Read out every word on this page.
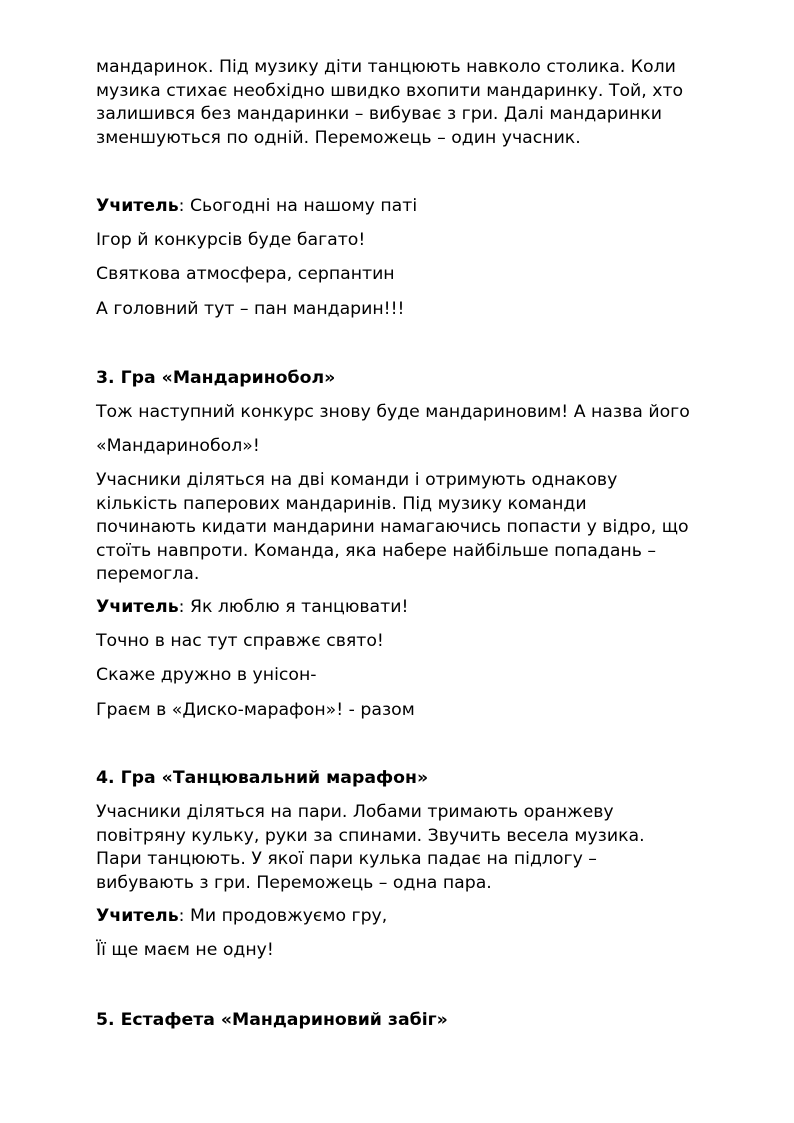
мандаринок. Під музику діти танцюють навколо столика. Коли
музика стихає необхідно швидко вхопити мандаринку. Той, хто
залишився без мандаринки – вибуває з гри. Далі мандаринки
зменшуються по одній. Переможець – один учасник.

Учитель: Сьогодні на нашому паті

Ігор й конкурсів буде багато!

Святкова атмосфера, серпантин

А головний тут – пан мандарин!!!

3. Гра «Мандаринобол»

Тож наступний конкурс знову буде мандариновим! А назва його

«Мандаринобол»!

Учасники діляться на дві команди і отримують однакову
кількість паперових мандаринів. Під музику команди
починають кидати мандарини намагаючись попасти у відро, що
стоїть навпроти. Команда, яка набере найбільше попадань –
перемогла.

Учитель: Як люблю я танцювати!

Точно в нас тут справжє свято!

Скаже дружно в унісон-

Граєм в «Диско-марафон»! - разом

4. Гра «Танцювальний марафон»

Учасники діляться на пари. Лобами тримають оранжеву
повітряну кульку, руки за спинами. Звучить весела музика.
Пари танцюють. У якої пари кулька падає на підлогу –
вибувають з гри. Переможець – одна пара.

Учитель: Ми продовжуємо гру,

Її ще маєм не одну!

5. Естафета «Мандариновий забіг»
